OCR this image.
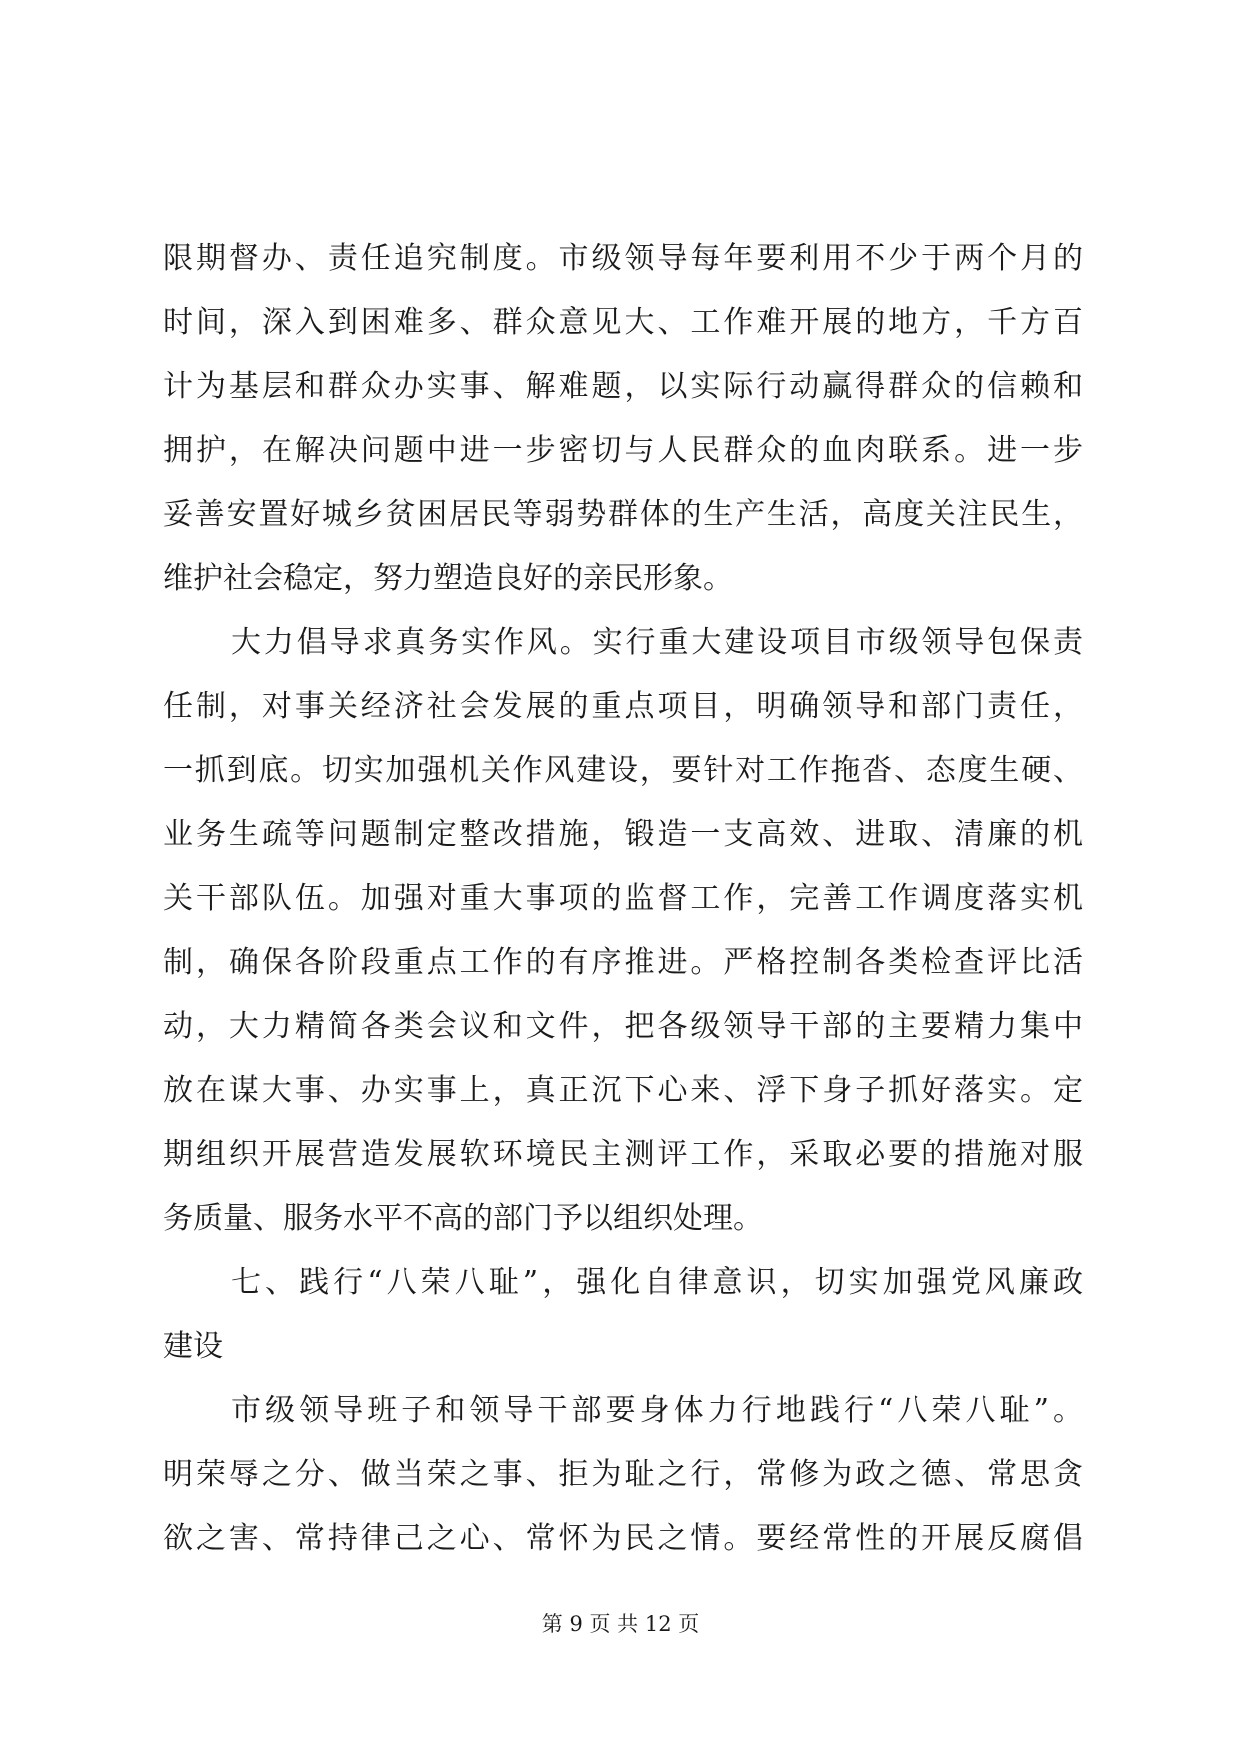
限期督办、责任追究制度。市级领导每年要利用不少于两个月的
时间，深入到困难多、群众意见大、工作难开展的地方，千方百
计为基层和群众办实事、解难题，以实际行动赢得群众的信赖和
拥护，在解决问题中进一步密切与人民群众的血肉联系。进一步
妥善安置好城乡贫困居民等弱势群体的生产生活，高度关注民生，
维护社会稳定，努力塑造良好的亲民形象。
大力倡导求真务实作风。实行重大建设项目市级领导包保责
任制，对事关经济社会发展的重点项目，明确领导和部门责任，
一抓到底。切实加强机关作风建设，要针对工作拖沓、态度生硬、
业务生疏等问题制定整改措施，锻造一支高效、进取、清廉的机
关干部队伍。加强对重大事项的监督工作，完善工作调度落实机
制，确保各阶段重点工作的有序推进。严格控制各类检查评比活
动，大力精简各类会议和文件，把各级领导干部的主要精力集中
放在谋大事、办实事上，真正沉下心来、浮下身子抓好落实。定
期组织开展营造发展软环境民主测评工作，采取必要的措施对服
务质量、服务水平不高的部门予以组织处理。
七、践行“八荣八耻”，强化自律意识，切实加强党风廉政
建设
市级领导班子和领导干部要身体力行地践行“八荣八耻”。
明荣辱之分、做当荣之事、拒为耻之行，常修为政之德、常思贪
欲之害、常持律己之心、常怀为民之情。要经常性的开展反腐倡
第 9 页 共 12 页
